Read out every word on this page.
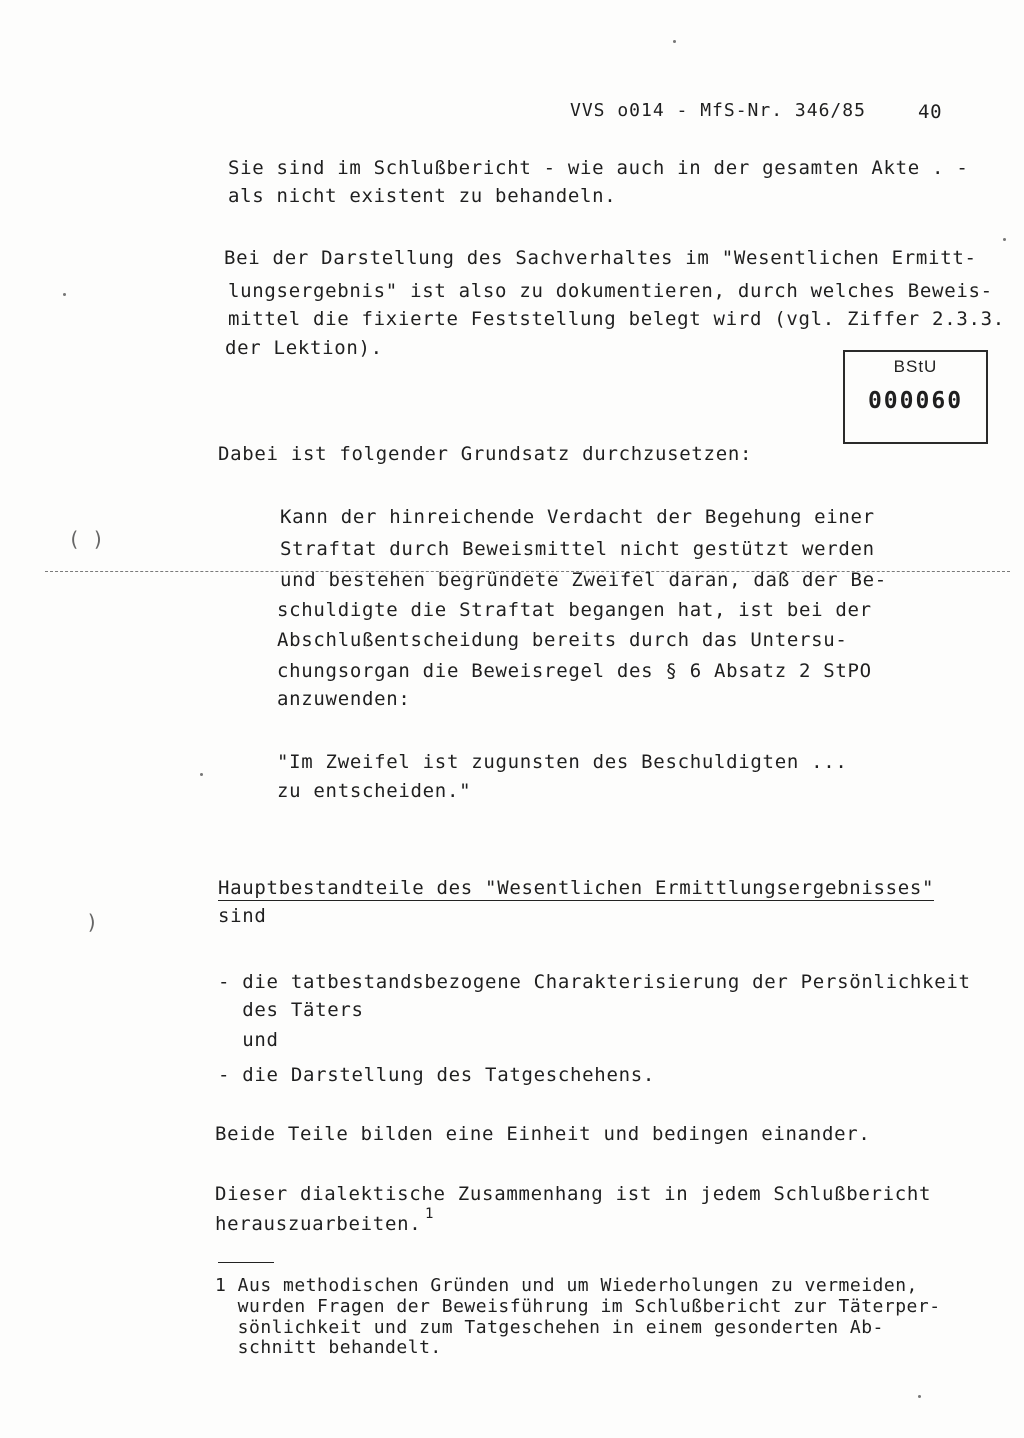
VVS o014 - MfS-Nr. 346/85	40
Sie sind im Schlußbericht - wie auch in der gesamten Akte . -
als nicht existent zu behandeln.
Bei der Darstellung des Sachverhaltes im "Wesentlichen Ermitt-
lungsergebnis" ist also zu dokumentieren, durch welches Beweis-
mittel die fixierte Feststellung belegt wird (vgl. Ziffer 2.3.3.
der Lektion).
BStU
000060
Dabei ist folgender Grundsatz durchzusetzen:
Kann der hinreichende Verdacht der Begehung einer
Straftat durch Beweismittel nicht gestützt werden
und bestehen begründete Zweifel daran, daß der Be-
schuldigte die Straftat begangen hat, ist bei der
Abschlußentscheidung bereits durch das Untersu-
chungsorgan die Beweisregel des § 6 Absatz 2 StPO
anzuwenden:
"Im Zweifel ist zugunsten des Beschuldigten ...
zu entscheiden."
Hauptbestandteile des "Wesentlichen Ermittlungsergebnisses"
sind
- die tatbestandsbezogene Charakterisierung der Persönlichkeit
des Täters
und
- die Darstellung des Tatgeschehens.
Beide Teile bilden eine Einheit und bedingen einander.
Dieser dialektische Zusammenhang ist in jedem Schlußbericht
herauszuarbeiten. 1
1 Aus methodischen Gründen und um Wiederholungen zu vermeiden,
wurden Fragen der Beweisführung im Schlußbericht zur Täterper-
sönlichkeit und zum Tatgeschehen in einem gesonderten Ab-
schnitt behandelt.
( )
)
